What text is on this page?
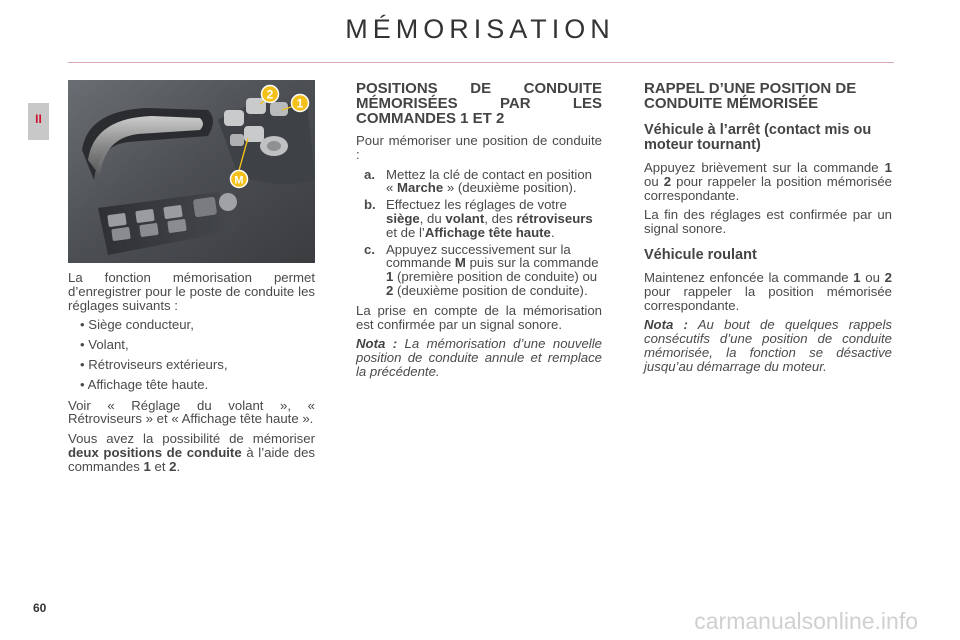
MÉMORISATION
II
2
1
M

La fonction mémorisation permet d’enregistrer pour le poste de conduite les réglages suivants :

• Siège conducteur,
• Volant,
• Rétroviseurs extérieurs,
• Affichage tête haute.

Voir « Réglage du volant », « Rétroviseurs » et « Affichage tête haute ».

Vous avez la possibilité de mémoriser deux positions de conduite à l’aide des commandes 1 et 2.

POSITIONS DE CONDUITE MÉMORISÉES PAR LES COMMANDES 1 ET 2

Pour mémoriser une position de conduite :

a. Mettez la clé de contact en position « Marche » (deuxième position).
b. Effectuez les réglages de votre siège, du volant, des rétroviseurs et de l’Affichage tête haute.
c. Appuyez successivement sur la commande M puis sur la commande 1 (première position de conduite) ou 2 (deuxième position de conduite).

La prise en compte de la mémorisation est confirmée par un signal sonore.

Nota : La mémorisation d’une nouvelle position de conduite annule et remplace la précédente.

RAPPEL D’UNE POSITION DE CONDUITE MÉMORISÉE
Véhicule à l’arrêt (contact mis ou moteur tournant)

Appuyez brièvement sur la commande 1 ou 2 pour rappeler la position mémorisée correspondante.

La fin des réglages est confirmée par un signal sonore.

Véhicule roulant

Maintenez enfoncée la commande 1 ou 2 pour rappeler la position mémorisée correspondante.

Nota : Au bout de quelques rappels consécutifs d’une position de conduite mémorisée, la fonction se désactive jusqu’au démarrage du moteur.

60	carmanualsonline.info
